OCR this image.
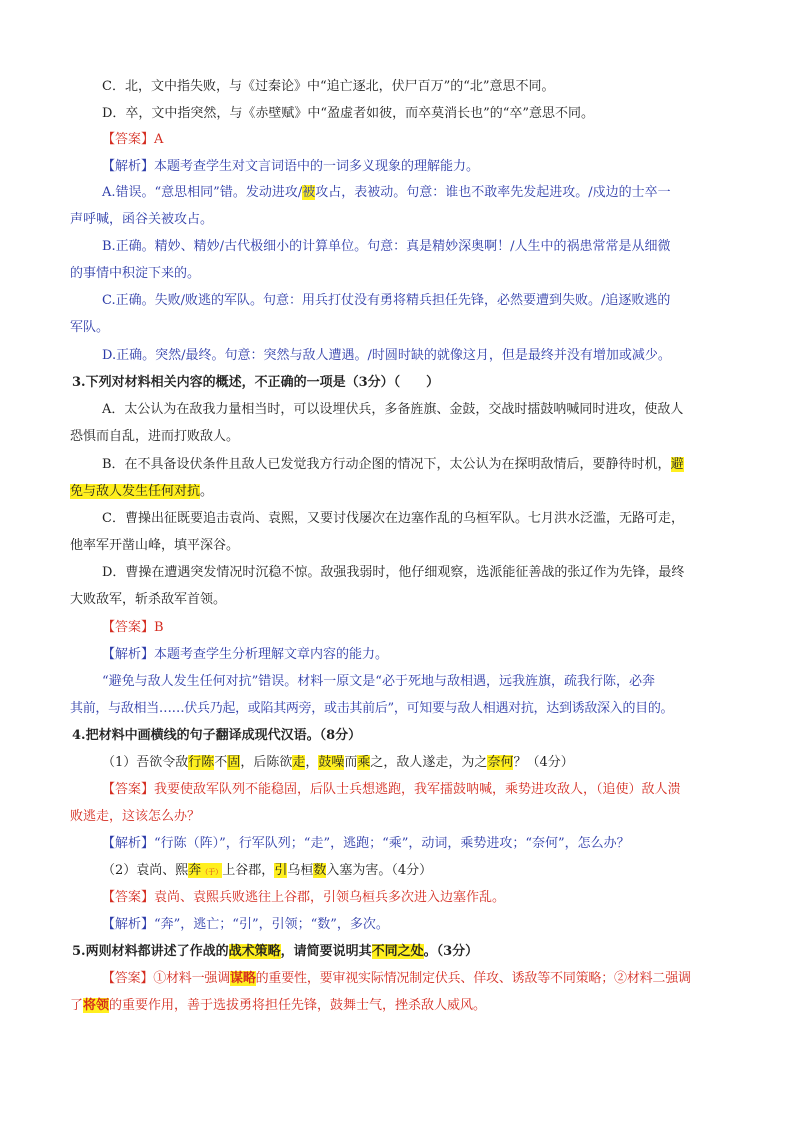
C．北，文中指失败，与《过秦论》中“追亡逐北，伏尸百万”的“北”意思不同。
D．卒，文中指突然，与《赤壁赋》中“盈虚者如彼，而卒莫消长也”的“卒”意思不同。
【答案】A
【解析】本题考查学生对文言词语中的一词多义现象的理解能力。
A.错误。“意思相同”错。发动进攻/被攻占，表被动。句意：谁也不敢率先发起进攻。/戍边的士卒一
声呼喊，函谷关被攻占。
B.正确。精妙、精妙/古代极细小的计算单位。句意：真是精妙深奥啊！/人生中的祸患常常是从细微
的事情中积淀下来的。
C.正确。失败/败逃的军队。句意：用兵打仗没有勇将精兵担任先锋，必然要遭到失败。/追逐败逃的
军队。
D.正确。突然/最终。句意：突然与敌人遭遇。/时圆时缺的就像这月，但是最终并没有增加或减少。
3.下列对材料相关内容的概述，不正确的一项是（3分）（　　）
A．太公认为在敌我力量相当时，可以设埋伏兵，多备旌旗、金鼓，交战时擂鼓呐喊同时进攻，使敌人
恐惧而自乱，进而打败敌人。
B．在不具备设伏条件且敌人已发觉我方行动企图的情况下，太公认为在探明敌情后，要静待时机，避
免与敌人发生任何对抗。
C．曹操出征既要追击袁尚、袁熙，又要讨伐屡次在边塞作乱的乌桓军队。七月洪水泛滥，无路可走，
他率军开凿山峰，填平深谷。
D．曹操在遭遇突发情况时沉稳不惊。敌强我弱时，他仔细观察，选派能征善战的张辽作为先锋，最终
大败敌军，斩杀敌军首领。
【答案】B
【解析】本题考查学生分析理解文章内容的能力。
“避免与敌人发生任何对抗”错误。材料一原文是“必于死地与敌相遇，远我旌旗，疏我行陈，必奔
其前，与敌相当……伏兵乃起，或陷其两旁，或击其前后”，可知要与敌人相遇对抗，达到诱敌深入的目的。
4.把材料中画横线的句子翻译成现代汉语。（8分）
（1）吾欲令敌行陈不固，后陈欲走，鼓噪而乘之，敌人遂走，为之奈何？（4分）
【答案】我要使敌军队列不能稳固，后队士兵想逃跑，我军擂鼓呐喊，乘势进攻敌人，（追使）敌人溃
败逃走，这该怎么办？
【解析】“行陈（阵）”，行军队列；“走”，逃跑；“乘”，动词，乘势进攻；“奈何”，怎么办？
（2）袁尚、熙奔（于）上谷郡，引乌桓数入塞为害。（4分）
【答案】袁尚、袁熙兵败逃往上谷郡，引领乌桓兵多次进入边塞作乱。
【解析】“奔”，逃亡；“引”，引领；“数”，多次。
5.两则材料都讲述了作战的战术策略，请简要说明其不同之处。（3分）
【答案】①材料一强调谋略的重要性，要审视实际情况制定伏兵、佯攻、诱敌等不同策略；②材料二强调
了将领的重要作用，善于选拔勇将担任先锋，鼓舞士气，挫杀敌人威风。
